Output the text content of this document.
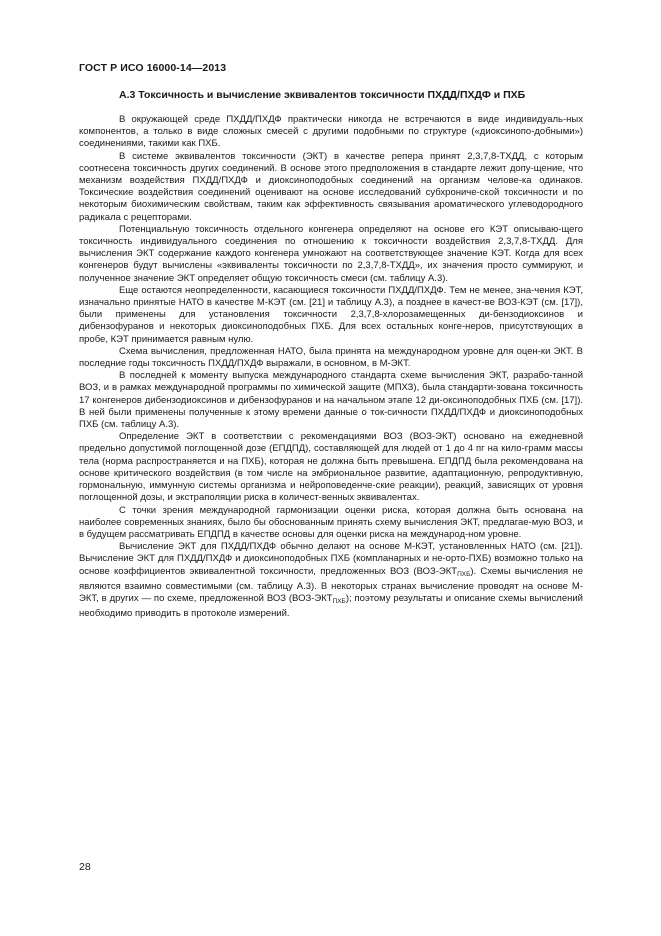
ГОСТ Р ИСО 16000-14—2013
А.3 Токсичность и вычисление эквивалентов токсичности ПХДД/ПХДФ и ПХБ

В окружающей среде ПХДД/ПХДФ практически никогда не встречаются в виде индивидуаль-ных компонентов, а только в виде сложных смесей с другими подобными по структуре («диоксинопо-добными») соединениями, такими как ПХБ.

В системе эквивалентов токсичности (ЭКТ) в качестве репера принят 2,3,7,8-ТХДД, с которым соотнесена токсичность других соединений. В основе этого предположения в стандарте лежит допу-щение, что механизм воздействия ПХДД/ПХДФ и диоксиноподобных соединений на организм челове-ка одинаков. Токсические воздействия соединений оценивают на основе исследований субхрониче-ской токсичности и по некоторым биохимическим свойствам, таким как эффективность связывания ароматического углеводородного радикала с рецепторами.

Потенциальную токсичность отдельного конгенера определяют на основе его КЭТ описываю-щего токсичность индивидуального соединения по отношению к токсичности воздействия 2,3,7,8-ТХДД. Для вычисления ЭКТ содержание каждого конгенера умножают на соответствующее значение КЭТ. Когда для всех конгенеров будут вычислены «эквиваленты токсичности по 2,3,7,8-ТХДД», их значения просто суммируют, и полученное значение ЭКТ определяет общую токсичность смеси (см. таблицу А.3).

Еще остаются неопределенности, касающиеся токсичности ПХДД/ПХДФ. Тем не менее, зна-чения КЭТ, изначально принятые НАТО в качестве М-КЭТ (см. [21] и таблицу А.3), а позднее в качест-ве ВОЗ-КЭТ (см. [17]), были применены для установления токсичности 2,3,7,8-хлорозамещенных ди-бензодиоксинов и дибензофуранов и некоторых диоксиноподобных ПХБ. Для всех остальных конге-неров, присутствующих в пробе, КЭТ принимается равным нулю.

Схема вычисления, предложенная НАТО, была принята на международном уровне для оцен-ки ЭКТ. В последние годы токсичность ПХДД/ПХДФ выражали, в основном, в М-ЭКТ.

В последней к моменту выпуска международного стандарта схеме вычисления ЭКТ, разрабо-танной ВОЗ, и в рамках международной программы по химической защите (МПХЗ), была стандарти-зована токсичность 17 конгенеров дибензодиоксинов и дибензофуранов и на начальном этапе 12 ди-оксиноподобных ПХБ (см. [17]). В ней были применены полученные к этому времени данные о ток-сичности ПХДД/ПХДФ и диоксиноподобных ПХБ (см. таблицу А.3).

Определение ЭКТ в соответствии с рекомендациями ВОЗ (ВОЗ-ЭКТ) основано на ежедневной предельно допустимой поглощенной дозе (ЕПДПД), составляющей для людей от 1 до 4 пг на кило-грамм массы тела (норма распространяется и на ПХБ), которая не должна быть превышена. ЕПДПД была рекомендована на основе критического воздействия (в том числе на эмбриональное развитие, адаптационную, репродуктивную, гормональную, иммунную системы организма и нейроповеденче-ские реакции), реакций, зависящих от уровня поглощенной дозы, и экстраполяции риска в количест-венных эквивалентах.

С точки зрения международной гармонизации оценки риска, которая должна быть основана на наиболее современных знаниях, было бы обоснованным принять схему вычисления ЭКТ, предлагае-мую ВОЗ, и в будущем рассматривать ЕПДПД в качестве основы для оценки риска на международ-ном уровне.

Вычисление ЭКТ для ПХДД/ПХДФ обычно делают на основе М-КЭТ, установленных НАТО (см. [21]). Вычисление ЭКТ для ПХДД/ПХДФ и диоксиноподобных ПХБ (компланарных и не-орто-ПХБ) возможно только на основе коэффициентов эквивалентной токсичности, предложенных ВОЗ $(ВОЗ-ЭКТ_{ПХБ})$. Схемы вычисления не являются взаимно совместимыми (см. таблицу А.3). В некоторых странах вычисление проводят на основе М-ЭКТ, в других — по схеме, предложенной ВОЗ $(ВОЗ-ЭКТ_{ПХБ})$; поэтому результаты и описание схемы вычислений необходимо приводить в протоколе измерений.

28
